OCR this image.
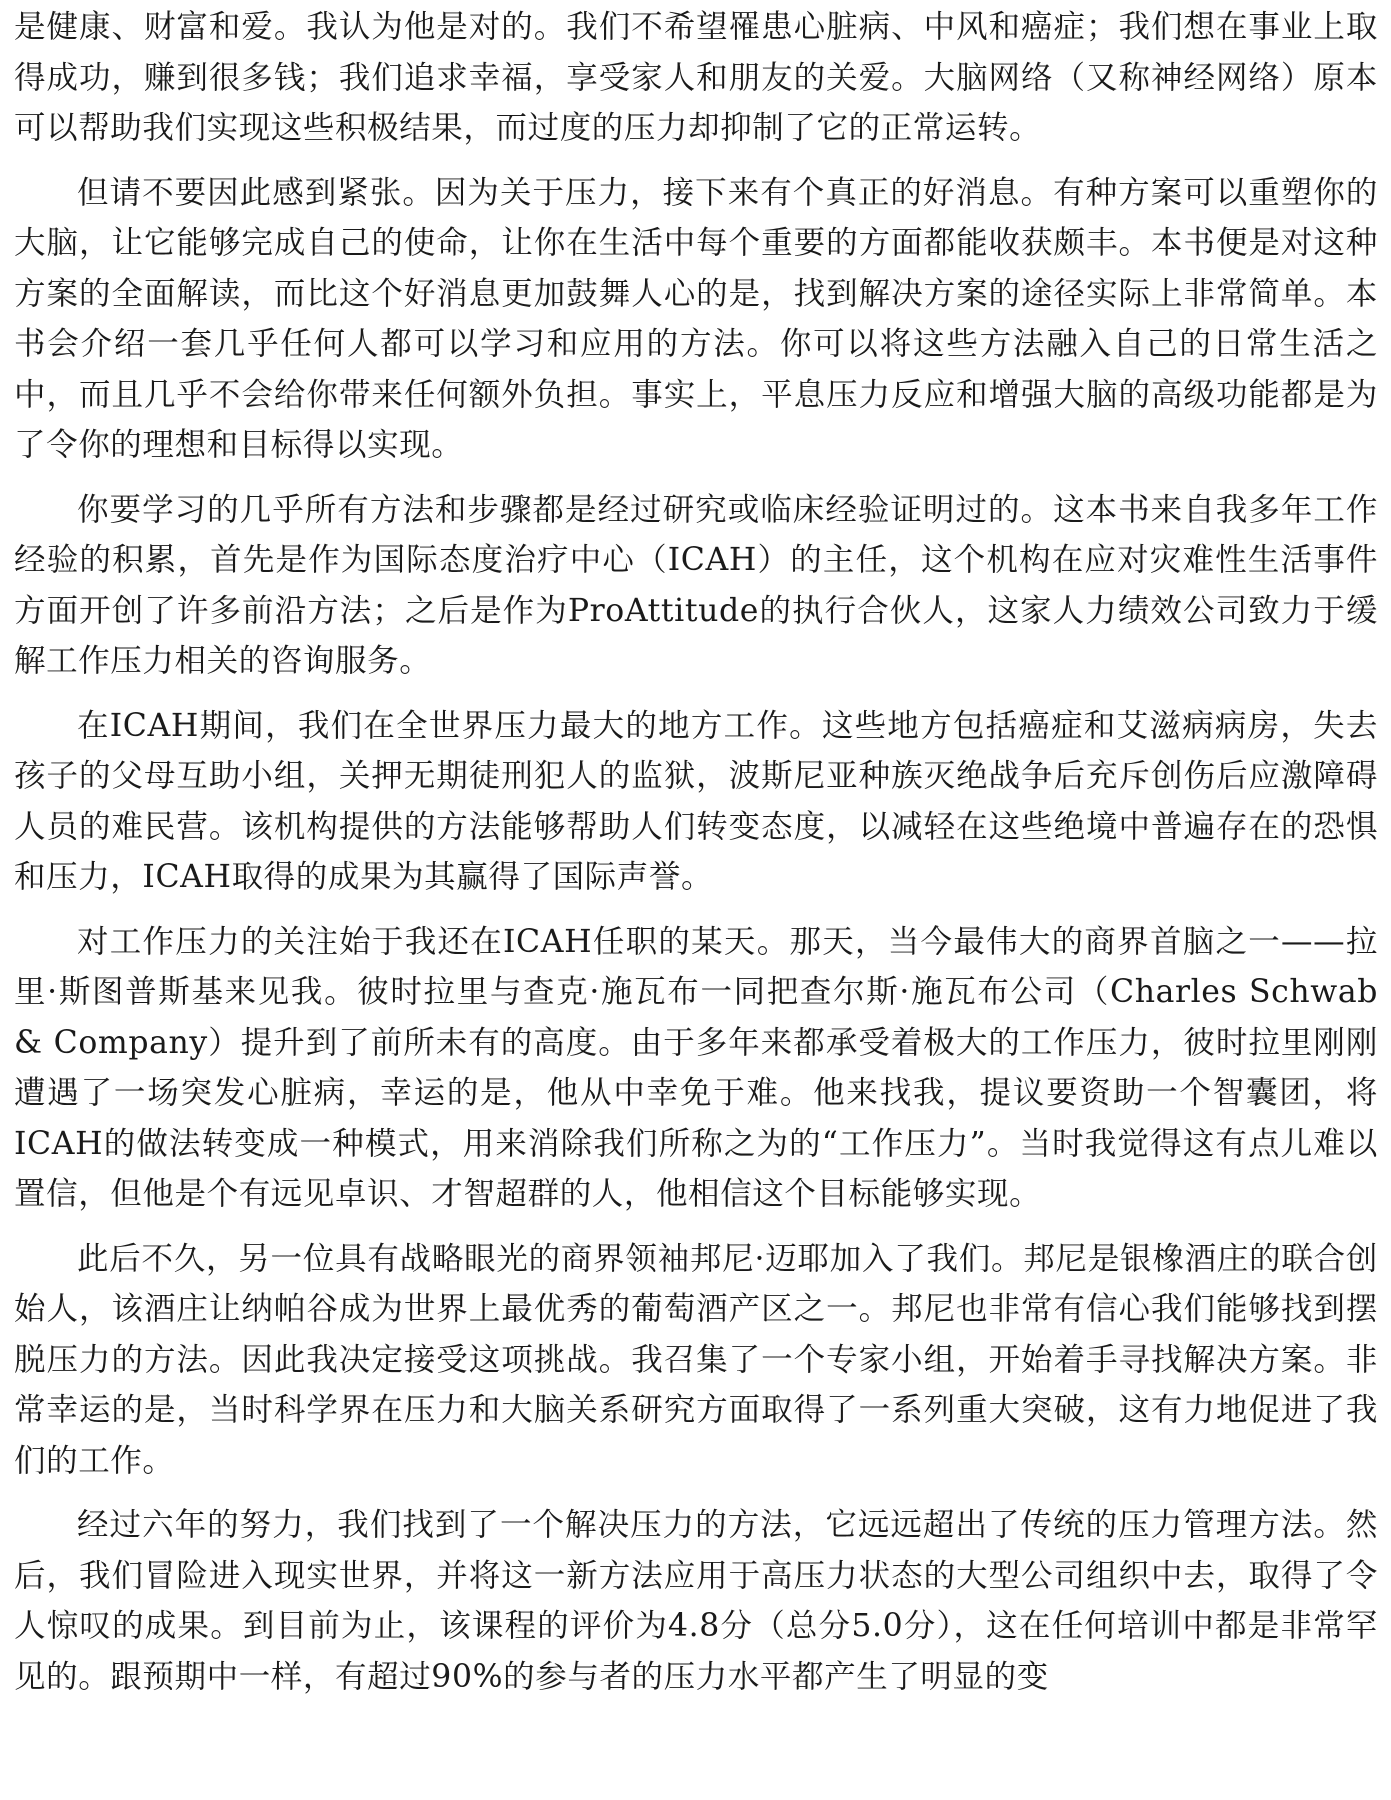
是健康、财富和爱。我认为他是对的。我们不希望罹患心脏病、中风和癌症；我们想在事业上取得成功，赚到很多钱；我们追求幸福，享受家人和朋友的关爱。大脑网络（又称神经网络）原本可以帮助我们实现这些积极结果，而过度的压力却抑制了它的正常运转。

但请不要因此感到紧张。因为关于压力，接下来有个真正的好消息。有种方案可以重塑你的大脑，让它能够完成自己的使命，让你在生活中每个重要的方面都能收获颇丰。本书便是对这种方案的全面解读，而比这个好消息更加鼓舞人心的是，找到解决方案的途径实际上非常简单。本书会介绍一套几乎任何人都可以学习和应用的方法。你可以将这些方法融入自己的日常生活之中，而且几乎不会给你带来任何额外负担。事实上，平息压力反应和增强大脑的高级功能都是为了令你的理想和目标得以实现。

你要学习的几乎所有方法和步骤都是经过研究或临床经验证明过的。这本书来自我多年工作经验的积累，首先是作为国际态度治疗中心（ICAH）的主任，这个机构在应对灾难性生活事件方面开创了许多前沿方法；之后是作为ProAttitude的执行合伙人，这家人力绩效公司致力于缓解工作压力相关的咨询服务。

在ICAH期间，我们在全世界压力最大的地方工作。这些地方包括癌症和艾滋病病房，失去孩子的父母互助小组，关押无期徒刑犯人的监狱，波斯尼亚种族灭绝战争后充斥创伤后应激障碍人员的难民营。该机构提供的方法能够帮助人们转变态度，以减轻在这些绝境中普遍存在的恐惧和压力，ICAH取得的成果为其赢得了国际声誉。

对工作压力的关注始于我还在ICAH任职的某天。那天，当今最伟大的商界首脑之一——拉里·斯图普斯基来见我。彼时拉里与查克·施瓦布一同把查尔斯·施瓦布公司（Charles Schwab & Company）提升到了前所未有的高度。由于多年来都承受着极大的工作压力，彼时拉里刚刚遭遇了一场突发心脏病，幸运的是，他从中幸免于难。他来找我，提议要资助一个智囊团，将ICAH的做法转变成一种模式，用来消除我们所称之为的“工作压力”。当时我觉得这有点儿难以置信，但他是个有远见卓识、才智超群的人，他相信这个目标能够实现。

此后不久，另一位具有战略眼光的商界领袖邦尼·迈耶加入了我们。邦尼是银橡酒庄的联合创始人，该酒庄让纳帕谷成为世界上最优秀的葡萄酒产区之一。邦尼也非常有信心我们能够找到摆脱压力的方法。因此我决定接受这项挑战。我召集了一个专家小组，开始着手寻找解决方案。非常幸运的是，当时科学界在压力和大脑关系研究方面取得了一系列重大突破，这有力地促进了我们的工作。

经过六年的努力，我们找到了一个解决压力的方法，它远远超出了传统的压力管理方法。然后，我们冒险进入现实世界，并将这一新方法应用于高压力状态的大型公司组织中去，取得了令人惊叹的成果。到目前为止，该课程的评价为4.8分（总分5.0分），这在任何培训中都是非常罕见的。跟预期中一样，有超过90%的参与者的压力水平都产生了明显的变
